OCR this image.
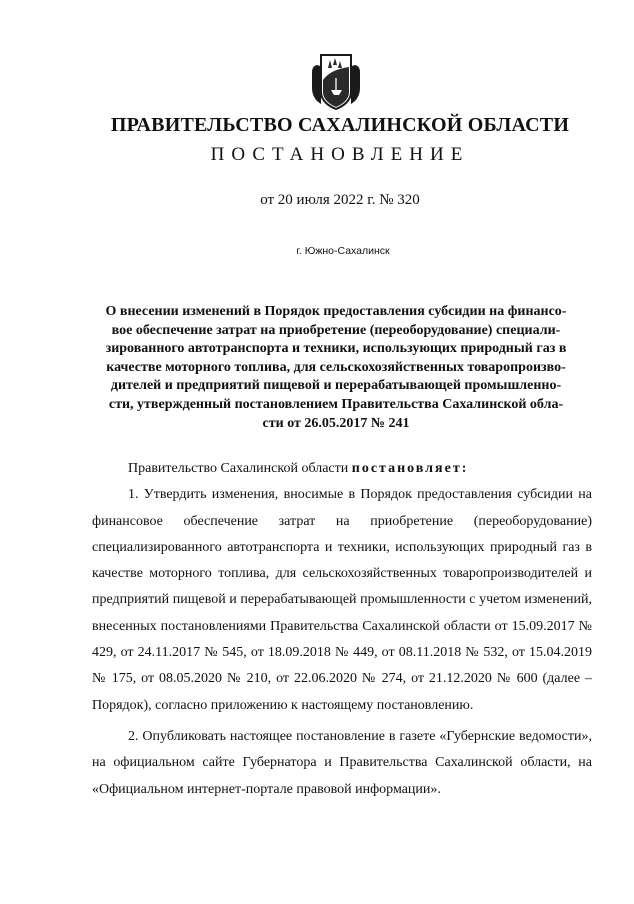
ПРАВИТЕЛЬСТВО САХАЛИНСКОЙ ОБЛАСТИ
ПОСТАНОВЛЕНИЕ
от 20 июля 2022 г. № 320
г. Южно-Сахалинск
О внесении изменений в Порядок предоставления субсидии на финансо-
вое обеспечение затрат на приобретение (переоборудование) специали-
зированного автотранспорта и техники, использующих природный газ в
качестве моторного топлива, для сельскохозяйственных товаропроизво-
дителей и предприятий пищевой и перерабатывающей промышленно-
сти, утвержденный постановлением Правительства Сахалинской обла-
сти от 26.05.2017 № 241

Правительство Сахалинской области постановляет:

1. Утвердить изменения, вносимые в Порядок предоставления субсидии на финансовое обеспечение затрат на приобретение (переоборудование) специализированного автотранспорта и техники, использующих природный газ в качестве моторного топлива, для сельскохозяйственных товаропроизводителей и предприятий пищевой и перерабатывающей промышленности с учетом изменений, внесенных постановлениями Правительства Сахалинской области от 15.09.2017 № 429, от 24.11.2017 № 545, от 18.09.2018 № 449, от 08.11.2018 № 532, от 15.04.2019 № 175, от 08.05.2020 № 210, от 22.06.2020 № 274, от 21.12.2020 № 600 (далее – Порядок), согласно приложению к настоящему постановлению.

2. Опубликовать настоящее постановление в газете «Губернские ведомости», на официальном сайте Губернатора и Правительства Сахалинской области, на «Официальном интернет-портале правовой информации».
